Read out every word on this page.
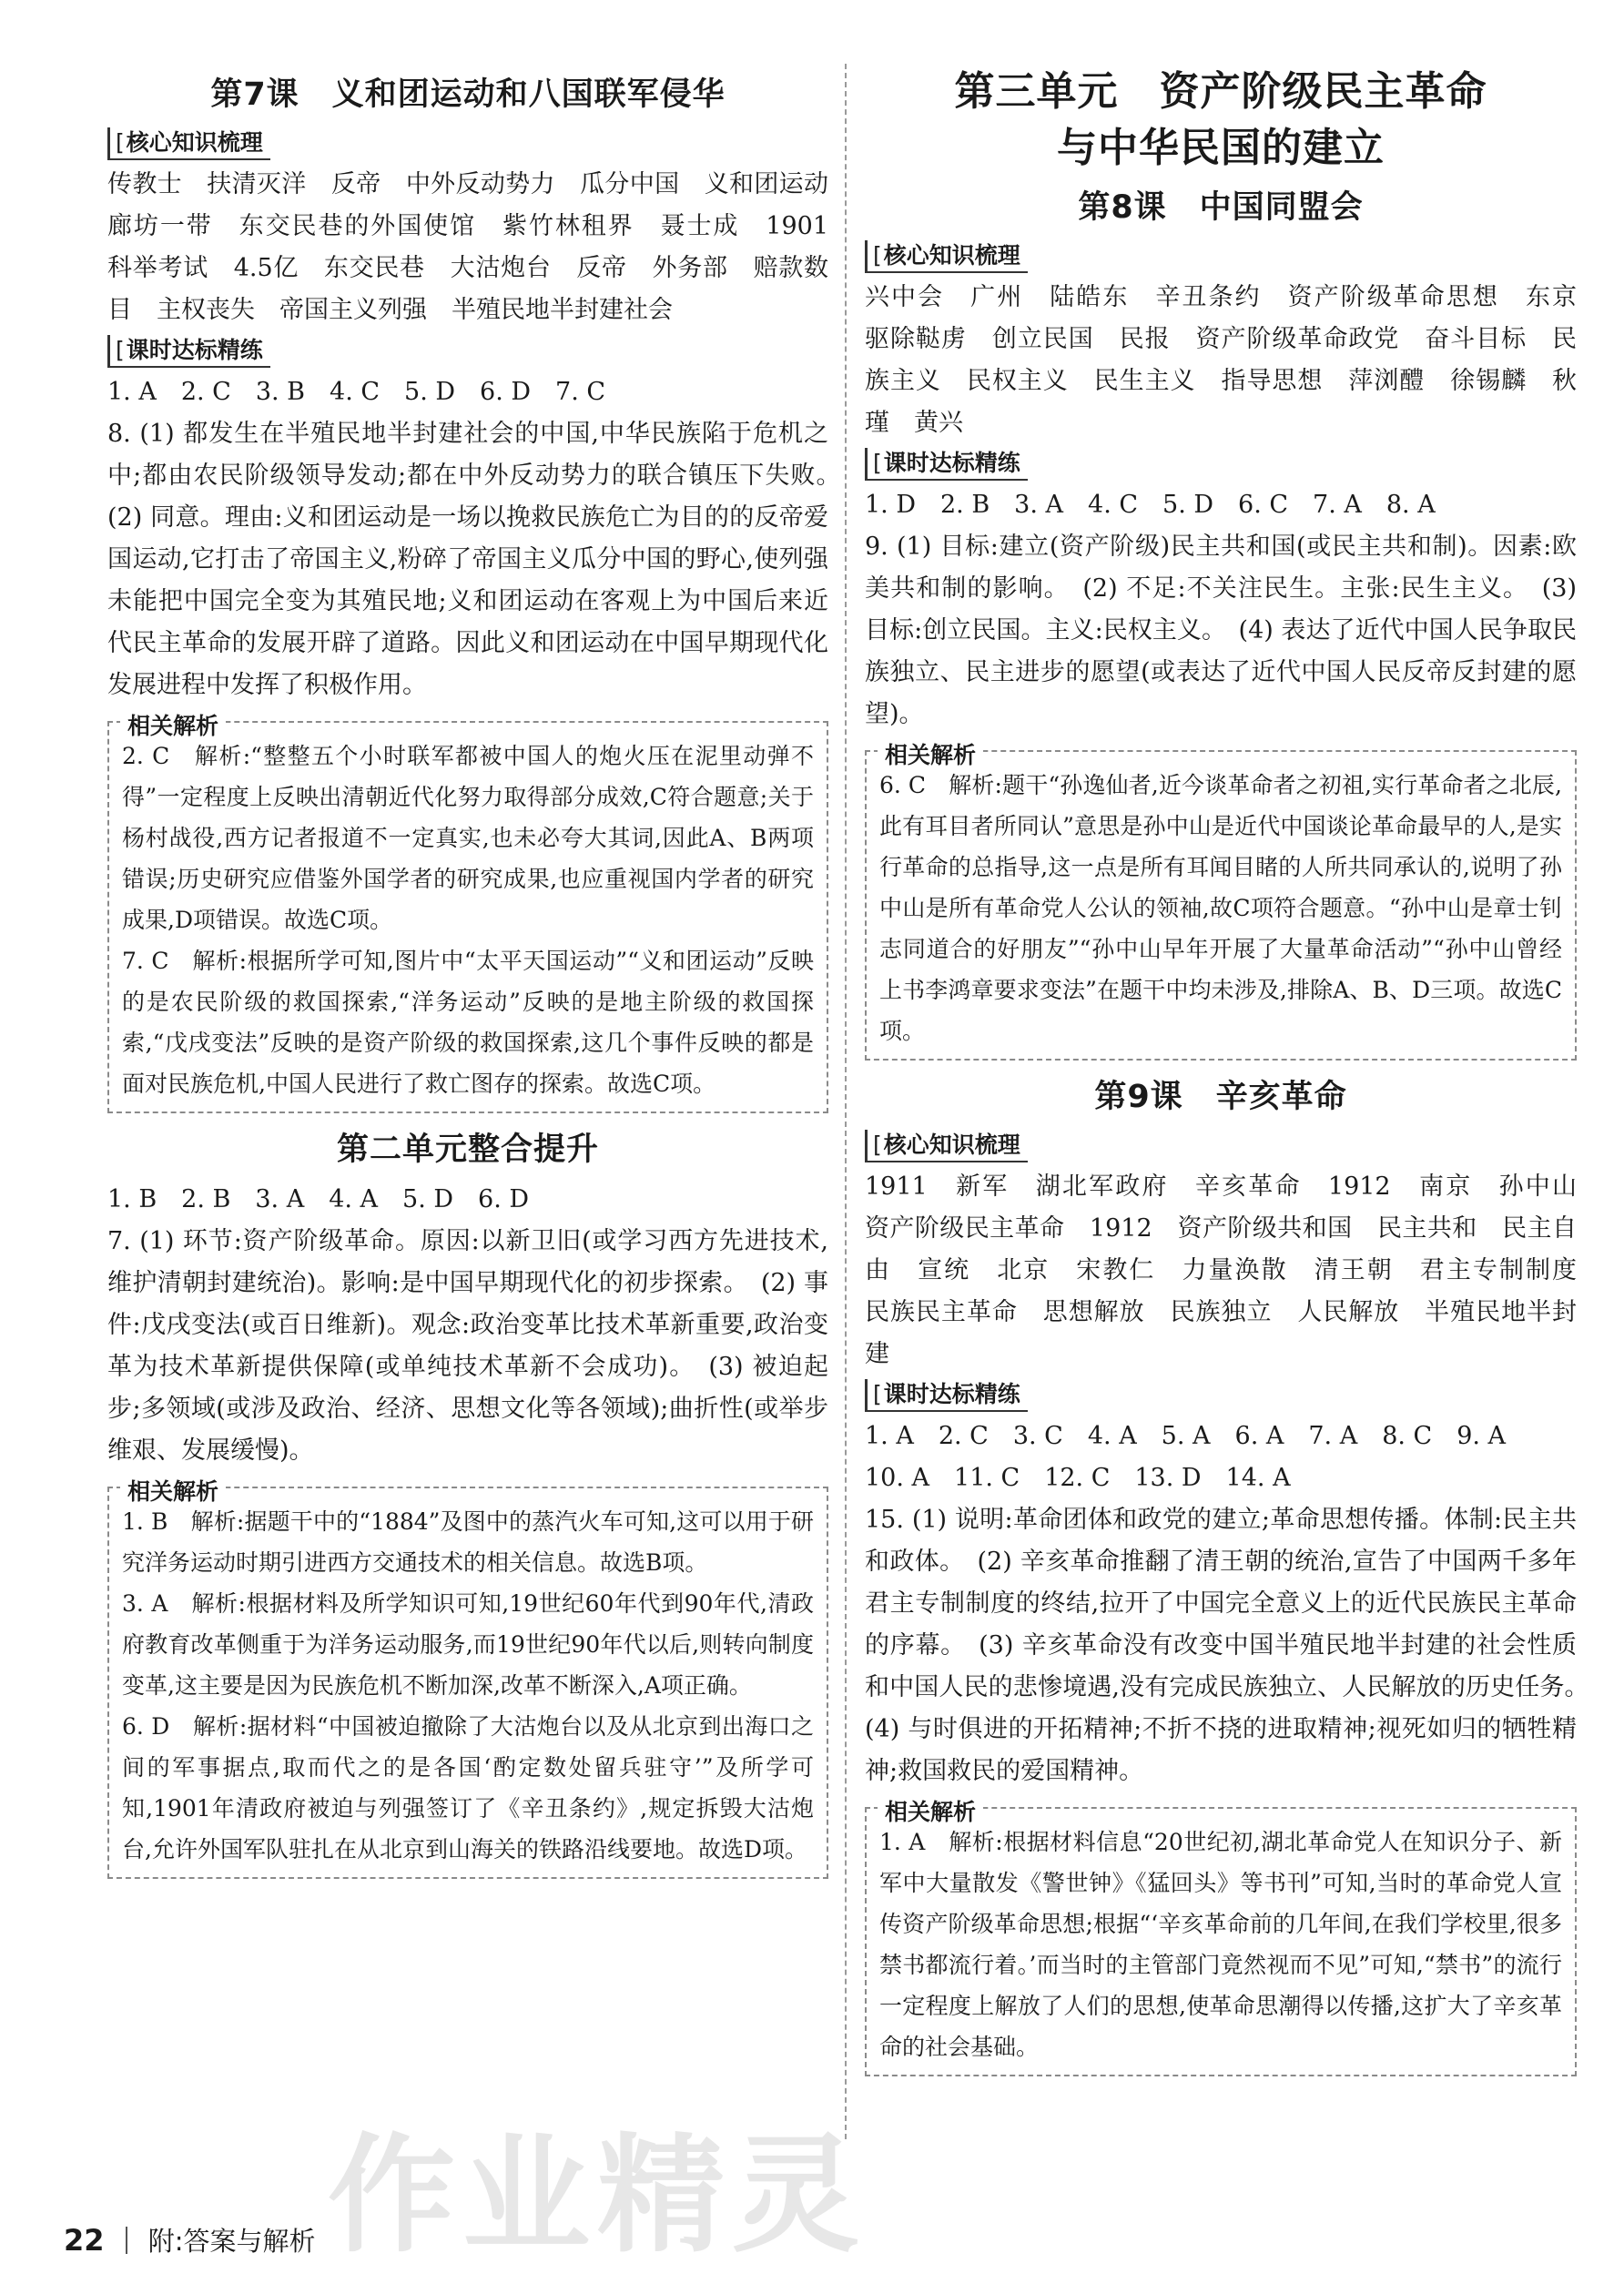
第7课　义和团运动和八国联军侵华
[ 核心知识梳理

传教士　扶清灭洋　反帝　中外反动势力　瓜分中国　义和团运动　廊坊一带　东交民巷的外国使馆　紫竹林租界　聂士成　1901　科举考试　4.5亿　东交民巷　大沽炮台　反帝　外务部　赔款数目　主权丧失　帝国主义列强　半殖民地半封建社会

[ 课时达标精练

1. A　2. C　3. B　4. C　5. D　6. D　7. C

8. (1) 都发生在半殖民地半封建社会的中国,中华民族陷于危机之中;都由农民阶级领导发动;都在中外反动势力的联合镇压下失败。　(2) 同意。理由:义和团运动是一场以挽救民族危亡为目的的反帝爱国运动,它打击了帝国主义,粉碎了帝国主义瓜分中国的野心,使列强未能把中国完全变为其殖民地;义和团运动在客观上为中国后来近代民主革命的发展开辟了道路。因此义和团运动在中国早期现代化发展进程中发挥了积极作用。

相关解析

2. C　解析:“整整五个小时联军都被中国人的炮火压在泥里动弹不得”一定程度上反映出清朝近代化努力取得部分成效,C符合题意;关于杨村战役,西方记者报道不一定真实,也未必夸大其词,因此A、B两项错误;历史研究应借鉴外国学者的研究成果,也应重视国内学者的研究成果,D项错误。故选C项。

7. C　解析:根据所学可知,图片中“太平天国运动”“义和团运动”反映的是农民阶级的救国探索,“洋务运动”反映的是地主阶级的救国探索,“戊戌变法”反映的是资产阶级的救国探索,这几个事件反映的都是面对民族危机,中国人民进行了救亡图存的探索。故选C项。

第二单元整合提升

1. B　2. B　3. A　4. A　5. D　6. D

7. (1) 环节:资产阶级革命。原因:以新卫旧(或学习西方先进技术,维护清朝封建统治)。影响:是中国早期现代化的初步探索。　(2) 事件:戊戌变法(或百日维新)。观念:政治变革比技术革新重要,政治变革为技术革新提供保障(或单纯技术革新不会成功)。　(3) 被迫起步;多领域(或涉及政治、经济、思想文化等各领域);曲折性(或举步维艰、发展缓慢)。

相关解析

1. B　解析:据题干中的“1884”及图中的蒸汽火车可知,这可以用于研究洋务运动时期引进西方交通技术的相关信息。故选B项。

3. A　解析:根据材料及所学知识可知,19世纪60年代到90年代,清政府教育改革侧重于为洋务运动服务,而19世纪90年代以后,则转向制度变革,这主要是因为民族危机不断加深,改革不断深入,A项正确。

6. D　解析:据材料“中国被迫撤除了大沽炮台以及从北京到出海口之间的军事据点,取而代之的是各国‘酌定数处留兵驻守’”及所学可知,1901年清政府被迫与列强签订了《辛丑条约》,规定拆毁大沽炮台,允许外国军队驻扎在从北京到山海关的铁路沿线要地。故选D项。

第三单元　资产阶级民主革命
与中华民国的建立
第8课　中国同盟会
[ 核心知识梳理

兴中会　广州　陆皓东　辛丑条约　资产阶级革命思想　东京　驱除鞑虏　创立民国　民报　资产阶级革命政党　奋斗目标　民族主义　民权主义　民生主义　指导思想　萍浏醴　徐锡麟　秋瑾　黄兴

[ 课时达标精练

1. D　2. B　3. A　4. C　5. D　6. C　7. A　8. A

9. (1) 目标:建立(资产阶级)民主共和国(或民主共和制)。因素:欧美共和制的影响。　(2) 不足:不关注民生。主张:民生主义。　(3) 目标:创立民国。主义:民权主义。　(4) 表达了近代中国人民争取民族独立、民主进步的愿望(或表达了近代中国人民反帝反封建的愿望)。

相关解析

6. C　解析:题干“孙逸仙者,近今谈革命者之初祖,实行革命者之北辰,此有耳目者所同认”意思是孙中山是近代中国谈论革命最早的人,是实行革命的总指导,这一点是所有耳闻目睹的人所共同承认的,说明了孙中山是所有革命党人公认的领袖,故C项符合题意。“孙中山是章士钊志同道合的好朋友”“孙中山早年开展了大量革命活动”“孙中山曾经上书李鸿章要求变法”在题干中均未涉及,排除A、B、D三项。故选C项。

第9课　辛亥革命
[ 核心知识梳理

1911　新军　湖北军政府　辛亥革命　1912　南京　孙中山　资产阶级民主革命　1912　资产阶级共和国　民主共和　民主自由　宣统　北京　宋教仁　力量涣散　清王朝　君主专制制度　民族民主革命　思想解放　民族独立　人民解放　半殖民地半封建

[ 课时达标精练

1. A　2. C　3. C　4. A　5. A　6. A　7. A　8. C　9. A

10. A　11. C　12. C　13. D　14. A

15. (1) 说明:革命团体和政党的建立;革命思想传播。体制:民主共和政体。　(2) 辛亥革命推翻了清王朝的统治,宣告了中国两千多年君主专制制度的终结,拉开了中国完全意义上的近代民族民主革命的序幕。　(3) 辛亥革命没有改变中国半殖民地半封建的社会性质和中国人民的悲惨境遇,没有完成民族独立、人民解放的历史任务。　(4) 与时俱进的开拓精神;不折不挠的进取精神;视死如归的牺牲精神;救国救民的爱国精神。

相关解析

1. A　解析:根据材料信息“20世纪初,湖北革命党人在知识分子、新军中大量散发《警世钟》《猛回头》等书刊”可知,当时的革命党人宣传资产阶级革命思想;根据“‘辛亥革命前的几年间,在我们学校里,很多禁书都流行着。’而当时的主管部门竟然视而不见”可知,“禁书”的流行一定程度上解放了人们的思想,使革命思潮得以传播,这扩大了辛亥革命的社会基础。

作业精灵
22 附:答案与解析
